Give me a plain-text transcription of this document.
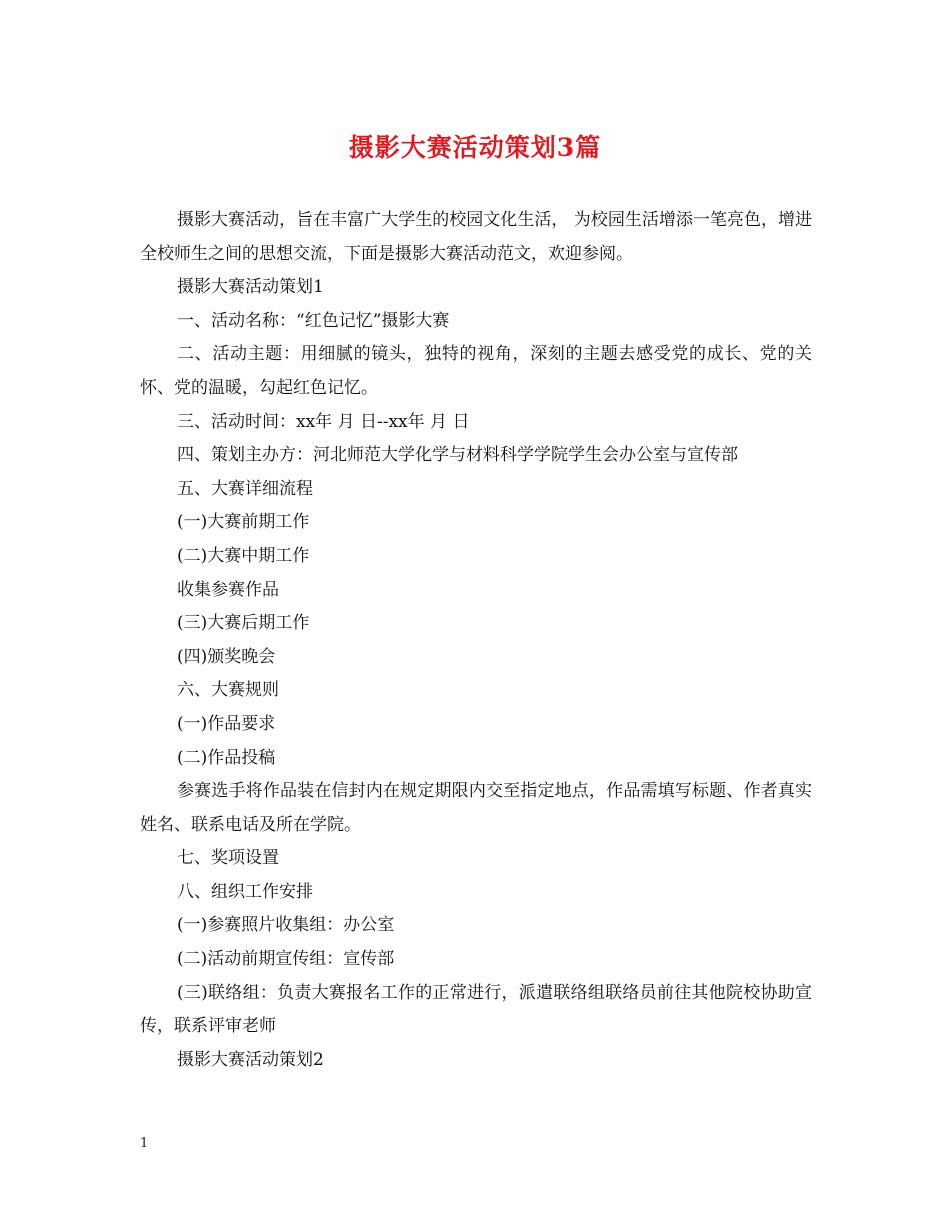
摄影大赛活动策划3篇

摄影大赛活动，旨在丰富广大学生的校园文化生活， 为校园生活增添一笔亮色，增进全校师生之间的思想交流，下面是摄影大赛活动范文，欢迎参阅。

摄影大赛活动策划1

一、活动名称：“红色记忆”摄影大赛

二、活动主题：用细腻的镜头，独特的视角，深刻的主题去感受党的成长、党的关怀、党的温暖，勾起红色记忆。

三、活动时间：xx年 月 日--xx年 月 日

四、策划主办方：河北师范大学化学与材料科学学院学生会办公室与宣传部

五、大赛详细流程

(一)大赛前期工作

(二)大赛中期工作

收集参赛作品

(三)大赛后期工作

(四)颁奖晚会

六、大赛规则

(一)作品要求

(二)作品投稿

参赛选手将作品装在信封内在规定期限内交至指定地点，作品需填写标题、作者真实姓名、联系电话及所在学院。

七、奖项设置

八、组织工作安排

(一)参赛照片收集组：办公室

(二)活动前期宣传组：宣传部

(三)联络组：负责大赛报名工作的正常进行，派遣联络组联络员前往其他院校协助宣传，联系评审老师

摄影大赛活动策划2

1
